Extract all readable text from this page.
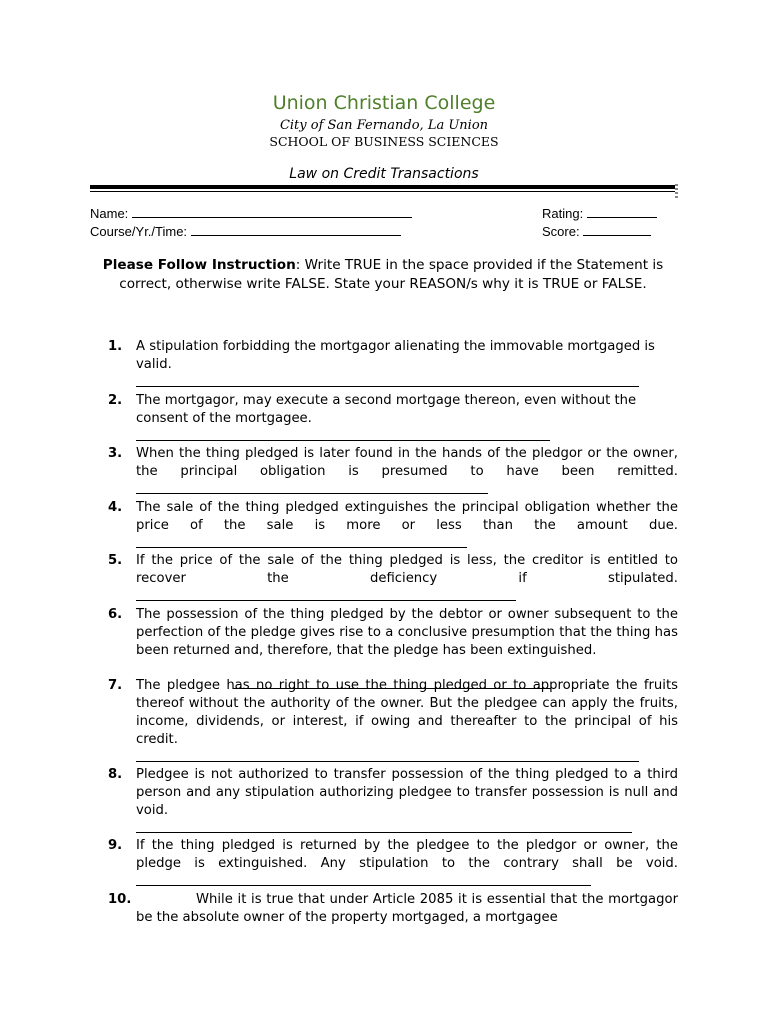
Union Christian College
City of San Fernando, La Union
SCHOOL OF BUSINESS SCIENCES
Law on Credit Transactions
Name:
Course/Yr./Time:
Rating:
Score:
Please Follow Instruction: Write TRUE in the space provided if the Statement is correct, otherwise write FALSE. State your REASON/s why it is TRUE or FALSE.
1.	A stipulation forbidding the mortgagor alienating the immovable mortgaged is valid.
2.	The mortgagor, may execute a second mortgage thereon, even without the consent of the mortgagee.
3.	When the thing pledged is later found in the hands of the pledgor or the owner, the principal obligation is presumed to have been remitted.
4.	The sale of the thing pledged extinguishes the principal obligation whether the price of the sale is more or less than the amount due.
5.	If the price of the sale of the thing pledged is less, the creditor is entitled to recover the deficiency if stipulated.
6.	The possession of the thing pledged by the debtor or owner subsequent to the perfection of the pledge gives rise to a conclusive presumption that the thing has been returned and, therefore, that the pledge has been extinguished.
7.	The pledgee has no right to use the thing pledged or to appropriate the fruits thereof without the authority of the owner. But the pledgee can apply the fruits, income, dividends, or interest, if owing and thereafter to the principal of his credit.
8.	Pledgee is not authorized to transfer possession of the thing pledged to a third person and any stipulation authorizing pledgee to transfer possession is null and void.
9.	If the thing pledged is returned by the pledgee to the pledgor or owner, the pledge is extinguished. Any stipulation to the contrary shall be void.
10.	While it is true that under Article 2085 it is essential that the mortgagor be the absolute owner of the property mortgaged, a mortgagee
